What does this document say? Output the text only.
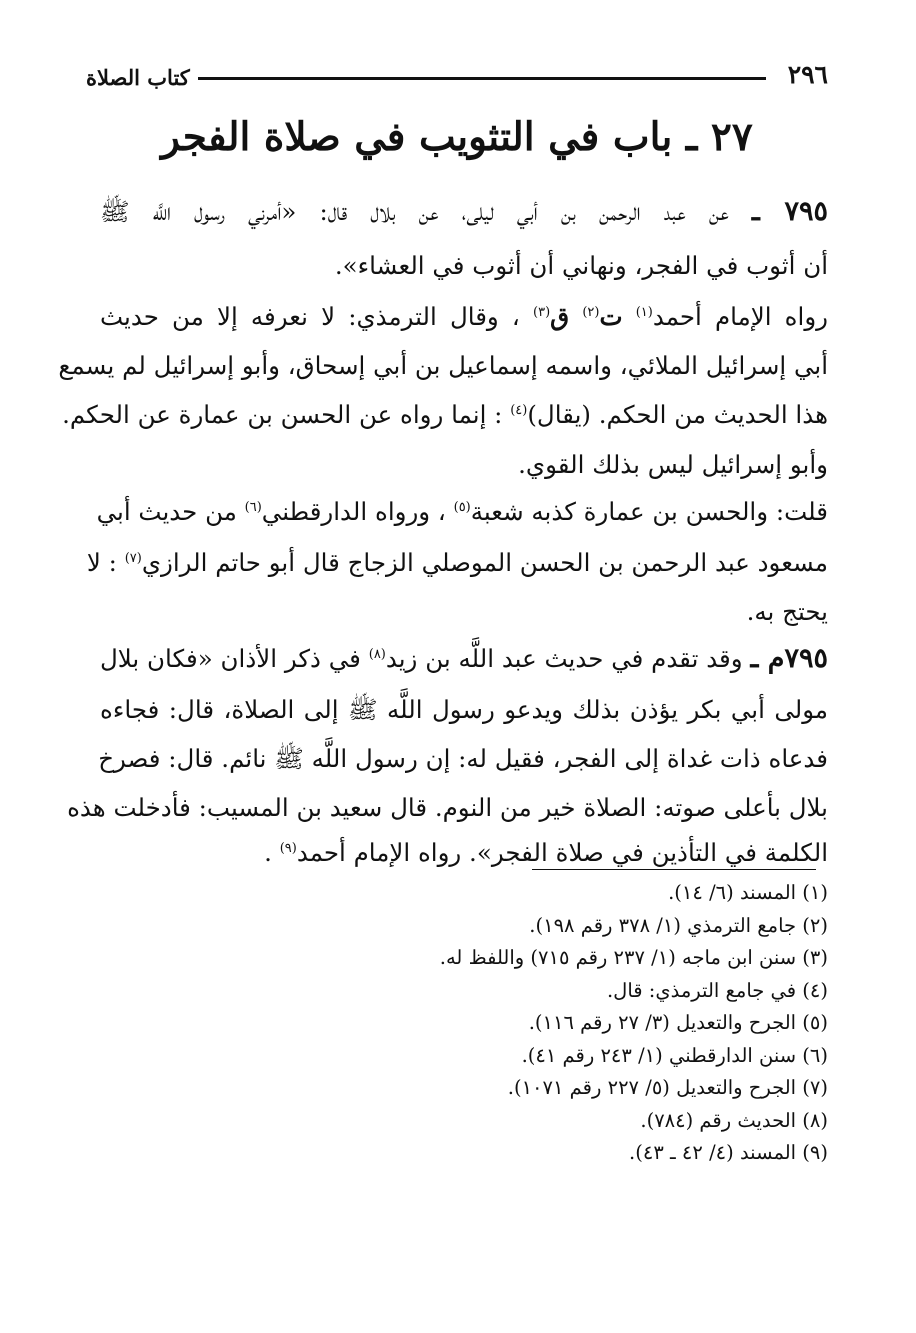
٢٩٦
كتاب الصلاة
٢٧ ـ باب في التثويب في صلاة الفجر
٧٩٥ ـ عن عبد الرحمن بن أبي ليلى، عن بلال قال: «أمرني رسول اللَّه ﷺ
أن أثوب في الفجر، ونهاني أن أثوب في العشاء».
رواه الإمام أحمد$^{(١)}$ ت$^{(٢)}$ ق$^{(٣)}$ ، وقال الترمذي: لا نعرفه إلا من حديث
أبي إسرائيل الملائي، واسمه إسماعيل بن أبي إسحاق، وأبو إسرائيل لم يسمع
هذا الحديث من الحكم. (يقال)$^{(٤)}$ : إنما رواه عن الحسن بن عمارة عن الحكم.
وأبو إسرائيل ليس بذلك القوي.
قلت: والحسن بن عمارة كذبه شعبة$^{(٥)}$ ، ورواه الدارقطني$^{(٦)}$ من حديث أبي
مسعود عبد الرحمن بن الحسن الموصلي الزجاج قال أبو حاتم الرازي$^{(٧)}$ : لا
يحتج به.
٧٩٥م ـ وقد تقدم في حديث عبد اللَّه بن زيد$^{(٨)}$ في ذكر الأذان «فكان بلال
مولى أبي بكر يؤذن بذلك ويدعو رسول اللَّه ﷺ إلى الصلاة، قال: فجاءه
فدعاه ذات غداة إلى الفجر، فقيل له: إن رسول اللَّه ﷺ نائم. قال: فصرخ
بلال بأعلى صوته: الصلاة خير من النوم. قال سعيد بن المسيب: فأدخلت هذه
الكلمة في التأذين في صلاة الفجر». رواه الإمام أحمد$^{(٩)}$ .
(١) المسند (٦/ ١٤).
(٢) جامع الترمذي (١/ ٣٧٨ رقم ١٩٨).
(٣) سنن ابن ماجه (١/ ٢٣٧ رقم ٧١٥) واللفظ له.
(٤) في جامع الترمذي: قال.
(٥) الجرح والتعديل (٣/ ٢٧ رقم ١١٦).
(٦) سنن الدارقطني (١/ ٢٤٣ رقم ٤١).
(٧) الجرح والتعديل (٥/ ٢٢٧ رقم ١٠٧١).
(٨) الحديث رقم (٧٨٤).
(٩) المسند (٤/ ٤٢ ـ ٤٣).
